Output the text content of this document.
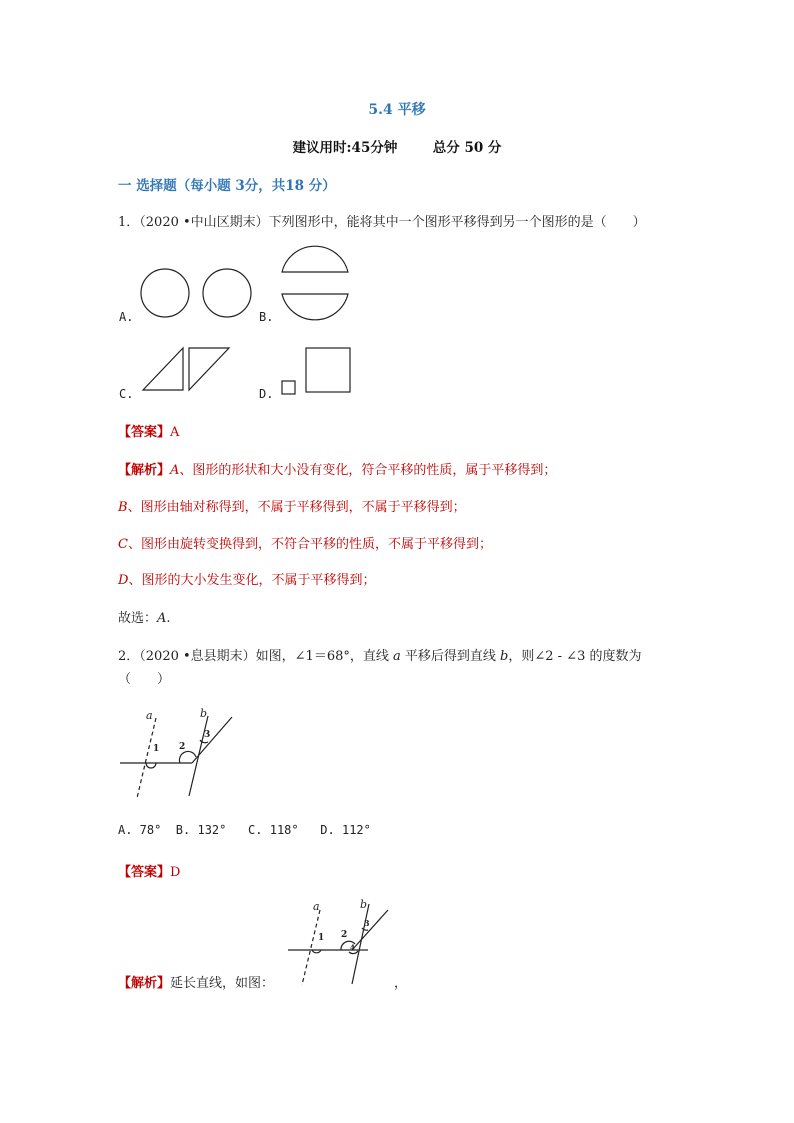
5.4 平移
建议用时:45分钟	总分 50 分
一 选择题（每小题 3分，共18 分）
1．（2020 •中山区期末）下列图形中，能将其中一个图形平移得到另一个图形的是（　　）
A.	B.
C.	D.
【答案】A
【解析】A、图形的形状和大小没有变化，符合平移的性质，属于平移得到；
B、图形由轴对称得到，不属于平移得到，不属于平移得到；
C、图形由旋转变换得到，不符合平移的性质，不属于平移得到；
D、图形的大小发生变化，不属于平移得到；
故选：A.
2．（2020 •息县期末）如图，∠1＝68°，直线 a 平移后得到直线 b，则∠2 - ∠3 的度数为
（　　）
a	b
1 2
3
A. 78°  B. 132°   C. 118°   D. 112°
【答案】D
a	b
1 2
3
4
【解析】延长直线，如图：	，
